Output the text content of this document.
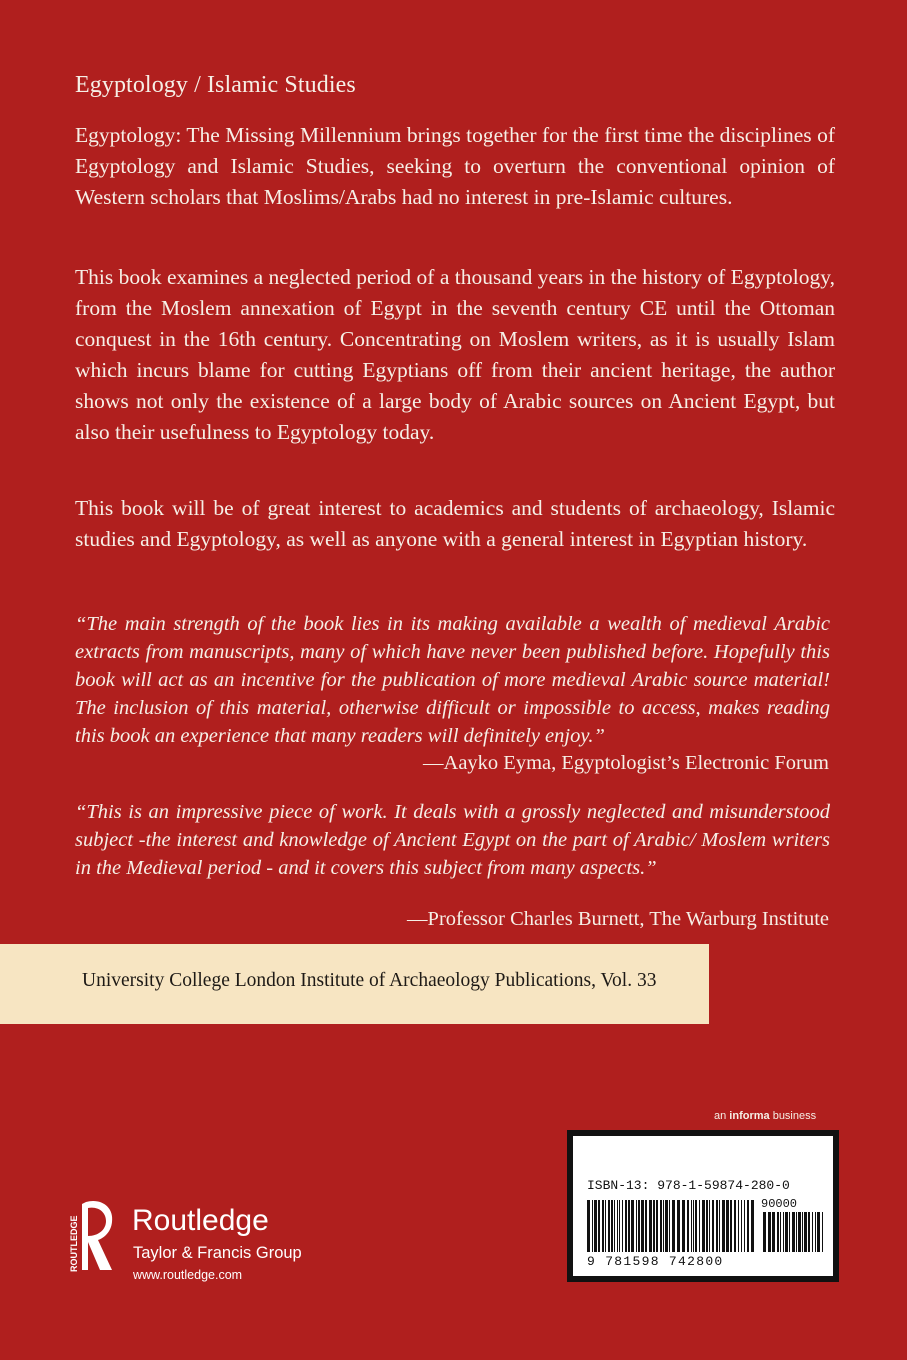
Egyptology / Islamic Studies

Egyptology: The Missing Millennium brings together for the first time the disciplines of Egyptology and Islamic Studies, seeking to overturn the conventional opinion of Western scholars that Moslims/Arabs had no interest in pre-Islamic cultures.

This book examines a neglected period of a thousand years in the history of Egyptology, from the Moslem annexation of Egypt in the seventh century CE until the Ottoman conquest in the 16th century. Concentrating on Moslem writers, as it is usually Islam which incurs blame for cutting Egyptians off from their ancient heritage, the author shows not only the existence of a large body of Arabic sources on Ancient Egypt, but also their usefulness to Egyptology today.

This book will be of great interest to academics and students of archaeology, Islamic studies and Egyptology, as well as anyone with a general interest in Egyptian history.

“The main strength of the book lies in its making available a wealth of medieval Arabic extracts from manuscripts, many of which have never been published before. Hopefully this book will act as an incentive for the publication of more medieval Arabic source material! The inclusion of this material, otherwise difficult or impossible to access, makes reading this book an experience that many readers will definitely enjoy.”

—Aayko Eyma, Egyptologist’s Electronic Forum

“This is an impressive piece of work. It deals with a grossly neglected and misunderstood subject -the interest and knowledge of Ancient Egypt on the part of Arabic/ Moslem writers in the Medieval period - and it covers this subject from many aspects.”

—Professor Charles Burnett, The Warburg Institute
University College London Institute of Archaeology Publications, Vol. 33
an informa business
ISBN-13: 978-1-59874-280-0
90000
9 781598 742800
ROUTLEDGE Routledge
Taylor & Francis Group
www.routledge.com
